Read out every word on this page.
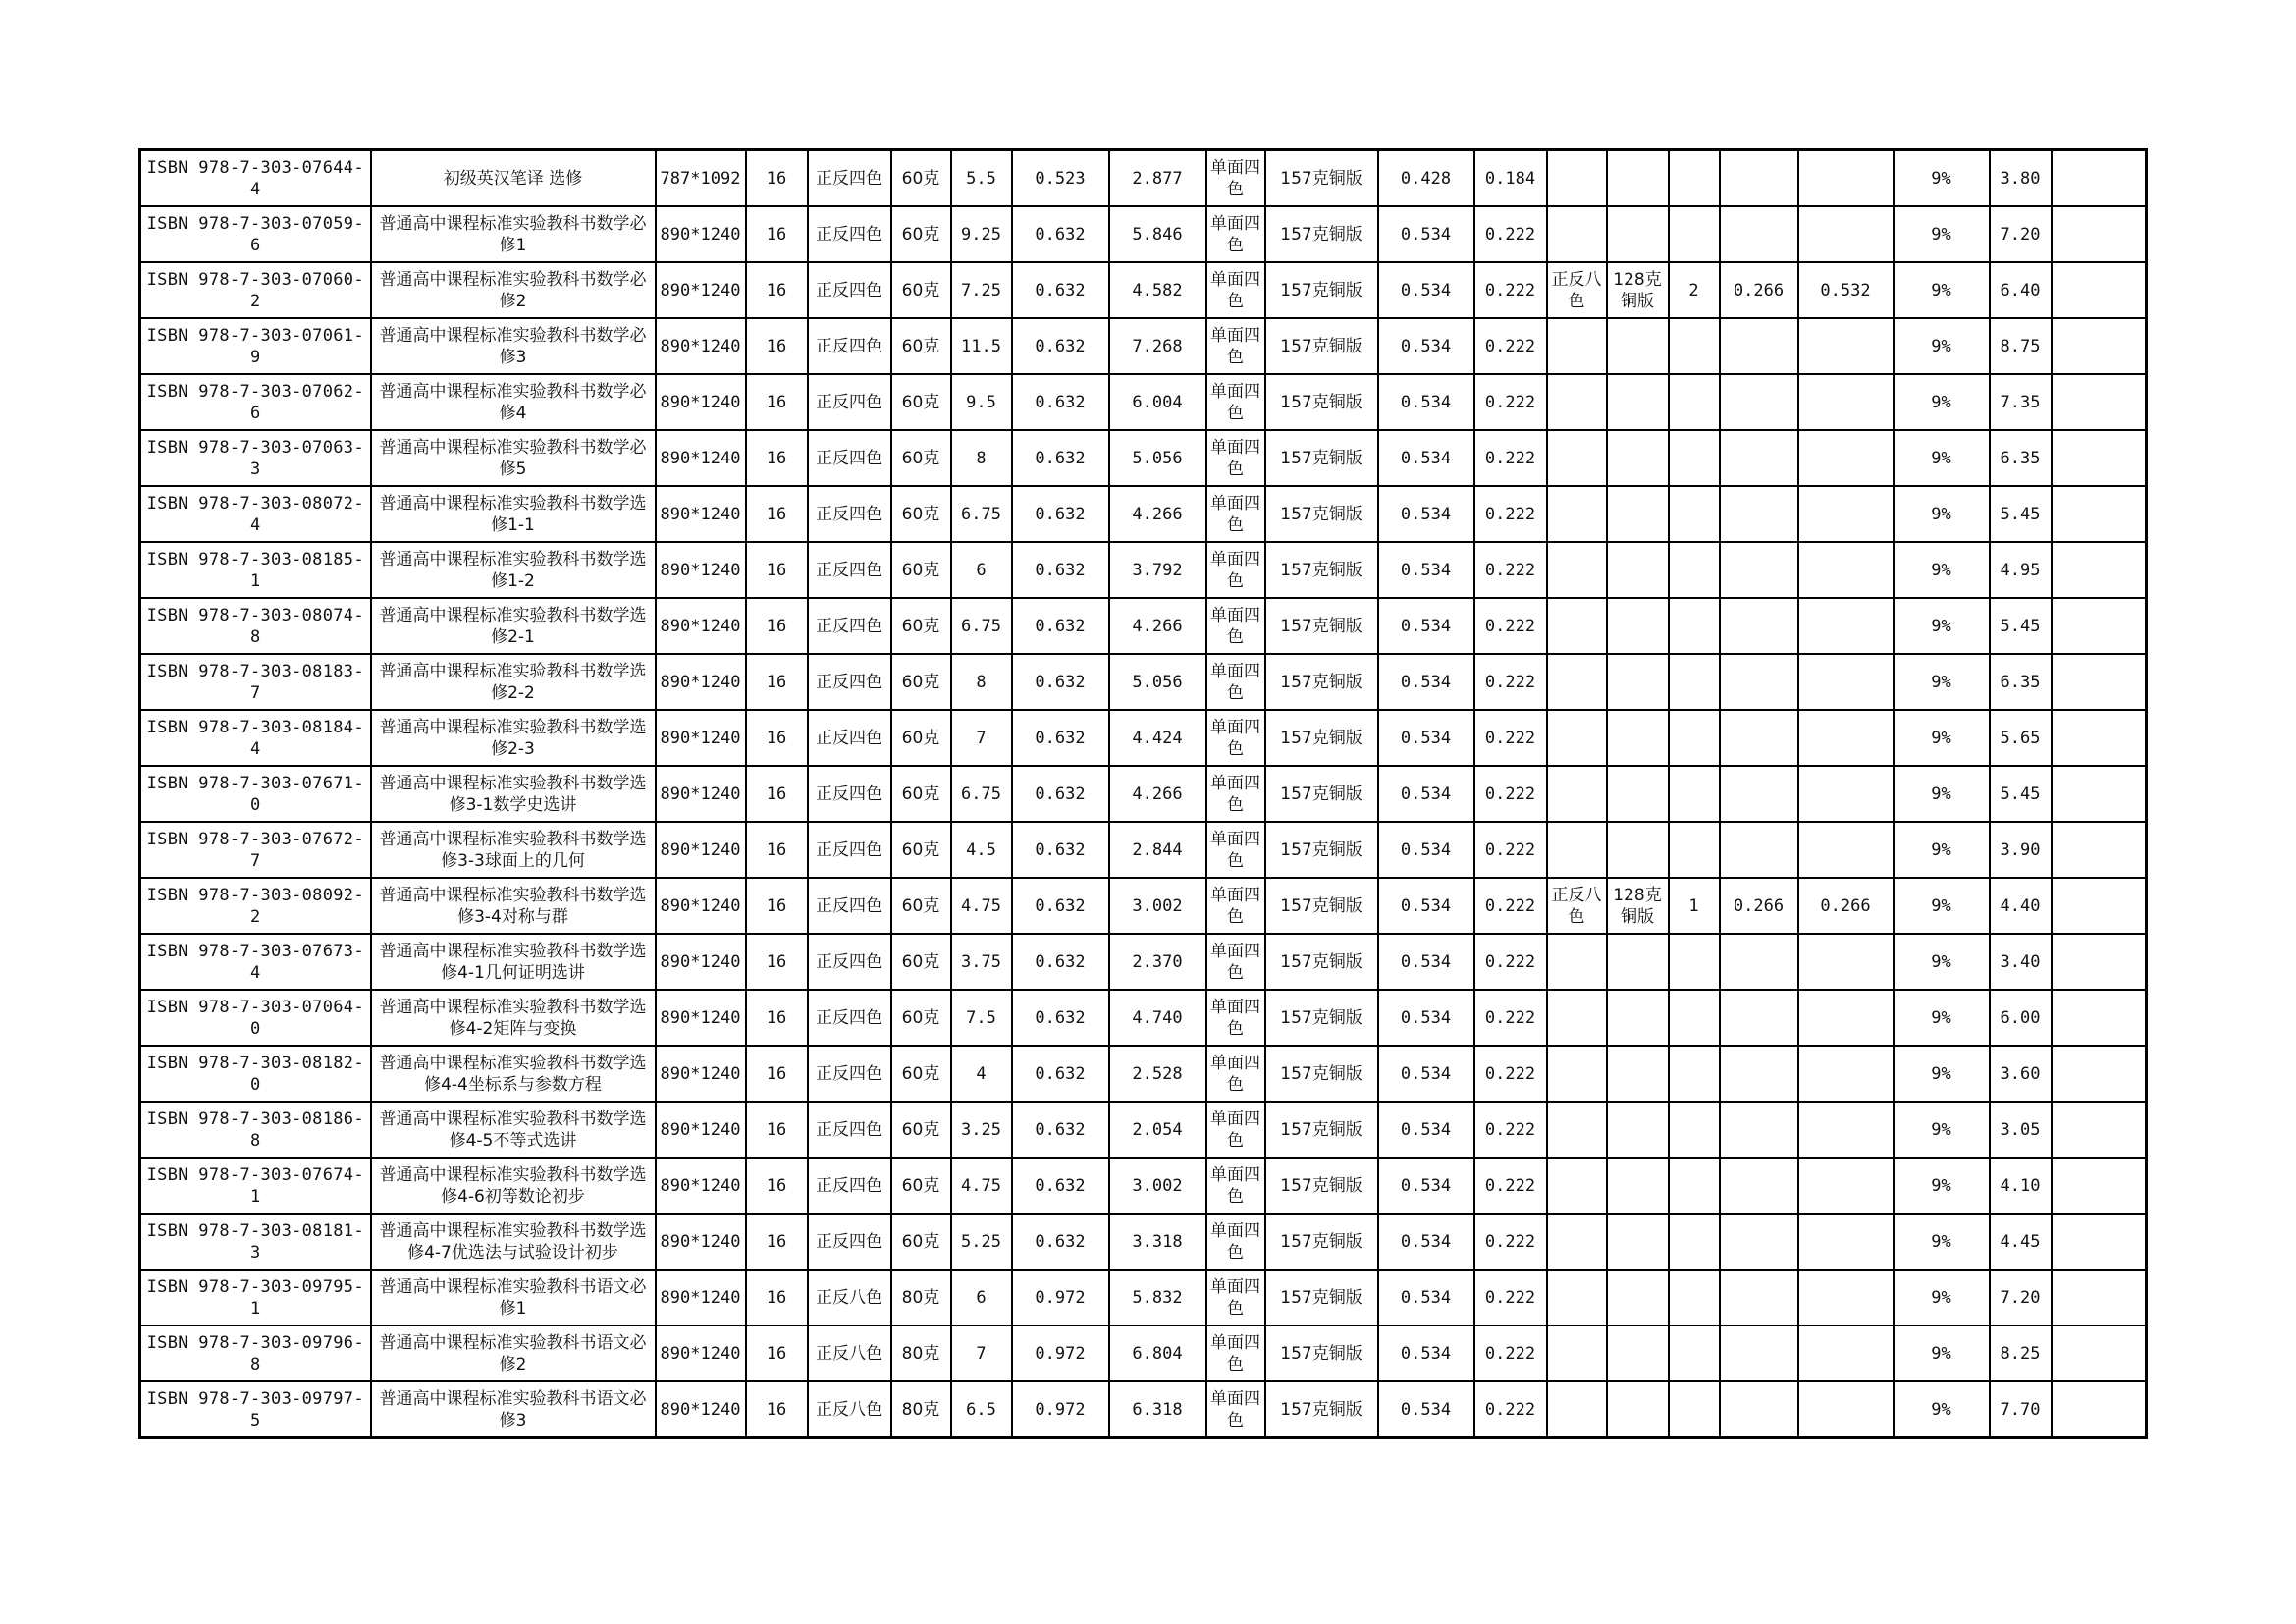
ISBN 978-7-303-07644-4	初级英汉笔译 选修	787*1092	16	正反四色	60克	5.5	0.523	2.877	单面四色	157克铜版	0.428	0.184						9%	3.80	
ISBN 978-7-303-07059-6	普通高中课程标准实验教科书数学必修1	890*1240	16	正反四色	60克	9.25	0.632	5.846	单面四色	157克铜版	0.534	0.222						9%	7.20	
ISBN 978-7-303-07060-2	普通高中课程标准实验教科书数学必修2	890*1240	16	正反四色	60克	7.25	0.632	4.582	单面四色	157克铜版	0.534	0.222	正反八色	128克铜版	2	0.266	0.532	9%	6.40	
ISBN 978-7-303-07061-9	普通高中课程标准实验教科书数学必修3	890*1240	16	正反四色	60克	11.5	0.632	7.268	单面四色	157克铜版	0.534	0.222						9%	8.75	
ISBN 978-7-303-07062-6	普通高中课程标准实验教科书数学必修4	890*1240	16	正反四色	60克	9.5	0.632	6.004	单面四色	157克铜版	0.534	0.222						9%	7.35	
ISBN 978-7-303-07063-3	普通高中课程标准实验教科书数学必修5	890*1240	16	正反四色	60克	8	0.632	5.056	单面四色	157克铜版	0.534	0.222						9%	6.35	
ISBN 978-7-303-08072-4	普通高中课程标准实验教科书数学选修1-1	890*1240	16	正反四色	60克	6.75	0.632	4.266	单面四色	157克铜版	0.534	0.222						9%	5.45	
ISBN 978-7-303-08185-1	普通高中课程标准实验教科书数学选修1-2	890*1240	16	正反四色	60克	6	0.632	3.792	单面四色	157克铜版	0.534	0.222						9%	4.95	
ISBN 978-7-303-08074-8	普通高中课程标准实验教科书数学选修2-1	890*1240	16	正反四色	60克	6.75	0.632	4.266	单面四色	157克铜版	0.534	0.222						9%	5.45	
ISBN 978-7-303-08183-7	普通高中课程标准实验教科书数学选修2-2	890*1240	16	正反四色	60克	8	0.632	5.056	单面四色	157克铜版	0.534	0.222						9%	6.35	
ISBN 978-7-303-08184-4	普通高中课程标准实验教科书数学选修2-3	890*1240	16	正反四色	60克	7	0.632	4.424	单面四色	157克铜版	0.534	0.222						9%	5.65	
ISBN 978-7-303-07671-0	普通高中课程标准实验教科书数学选修3-1数学史选讲	890*1240	16	正反四色	60克	6.75	0.632	4.266	单面四色	157克铜版	0.534	0.222						9%	5.45	
ISBN 978-7-303-07672-7	普通高中课程标准实验教科书数学选修3-3球面上的几何	890*1240	16	正反四色	60克	4.5	0.632	2.844	单面四色	157克铜版	0.534	0.222						9%	3.90	
ISBN 978-7-303-08092-2	普通高中课程标准实验教科书数学选修3-4对称与群	890*1240	16	正反四色	60克	4.75	0.632	3.002	单面四色	157克铜版	0.534	0.222	正反八色	128克铜版	1	0.266	0.266	9%	4.40	
ISBN 978-7-303-07673-4	普通高中课程标准实验教科书数学选修4-1几何证明选讲	890*1240	16	正反四色	60克	3.75	0.632	2.370	单面四色	157克铜版	0.534	0.222						9%	3.40	
ISBN 978-7-303-07064-0	普通高中课程标准实验教科书数学选修4-2矩阵与变换	890*1240	16	正反四色	60克	7.5	0.632	4.740	单面四色	157克铜版	0.534	0.222						9%	6.00	
ISBN 978-7-303-08182-0	普通高中课程标准实验教科书数学选修4-4坐标系与参数方程	890*1240	16	正反四色	60克	4	0.632	2.528	单面四色	157克铜版	0.534	0.222						9%	3.60	
ISBN 978-7-303-08186-8	普通高中课程标准实验教科书数学选修4-5不等式选讲	890*1240	16	正反四色	60克	3.25	0.632	2.054	单面四色	157克铜版	0.534	0.222						9%	3.05	
ISBN 978-7-303-07674-1	普通高中课程标准实验教科书数学选修4-6初等数论初步	890*1240	16	正反四色	60克	4.75	0.632	3.002	单面四色	157克铜版	0.534	0.222						9%	4.10	
ISBN 978-7-303-08181-3	普通高中课程标准实验教科书数学选修4-7优选法与试验设计初步	890*1240	16	正反四色	60克	5.25	0.632	3.318	单面四色	157克铜版	0.534	0.222						9%	4.45	
ISBN 978-7-303-09795-1	普通高中课程标准实验教科书语文必修1	890*1240	16	正反八色	80克	6	0.972	5.832	单面四色	157克铜版	0.534	0.222						9%	7.20	
ISBN 978-7-303-09796-8	普通高中课程标准实验教科书语文必修2	890*1240	16	正反八色	80克	7	0.972	6.804	单面四色	157克铜版	0.534	0.222						9%	8.25	
ISBN 978-7-303-09797-5	普通高中课程标准实验教科书语文必修3	890*1240	16	正反八色	80克	6.5	0.972	6.318	单面四色	157克铜版	0.534	0.222						9%	7.70	
